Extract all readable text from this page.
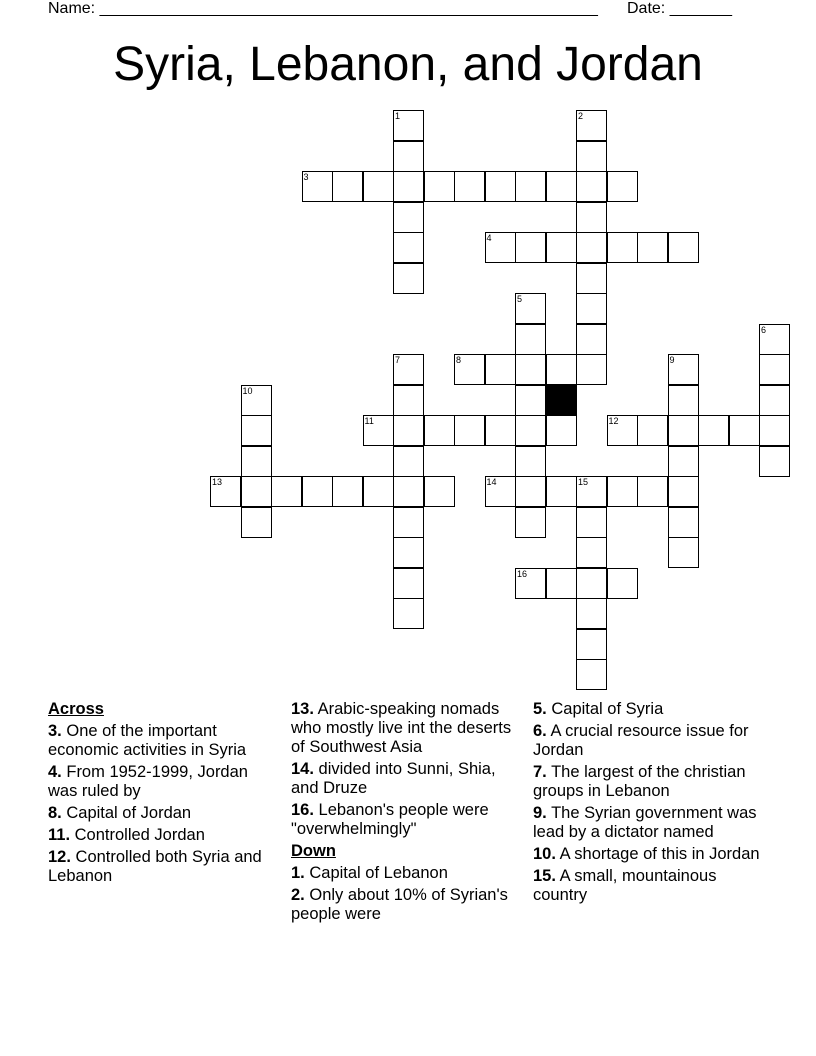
Name: ________________________________________________________ Date: _______
Syria, Lebanon, and Jordan
1	2
3
4
5
6
7	8	9
10
11	12
13	14	15
16
Across
3. One of the important economic activities in Syria
4. From 1952-1999, Jordan was ruled by
8. Capital of Jordan
11. Controlled Jordan
12. Controlled both Syria and Lebanon
13. Arabic-speaking nomads who mostly live int the deserts of Southwest Asia
14. divided into Sunni, Shia, and Druze
16. Lebanon's people were "overwhelmingly"
Down
1. Capital of Lebanon
2. Only about 10% of Syrian's people were
5. Capital of Syria
6. A crucial resource issue for Jordan
7. The largest of the christian groups in Lebanon
9. The Syrian government was lead by a dictator named
10. A shortage of this in Jordan
15. A small, mountainous country
